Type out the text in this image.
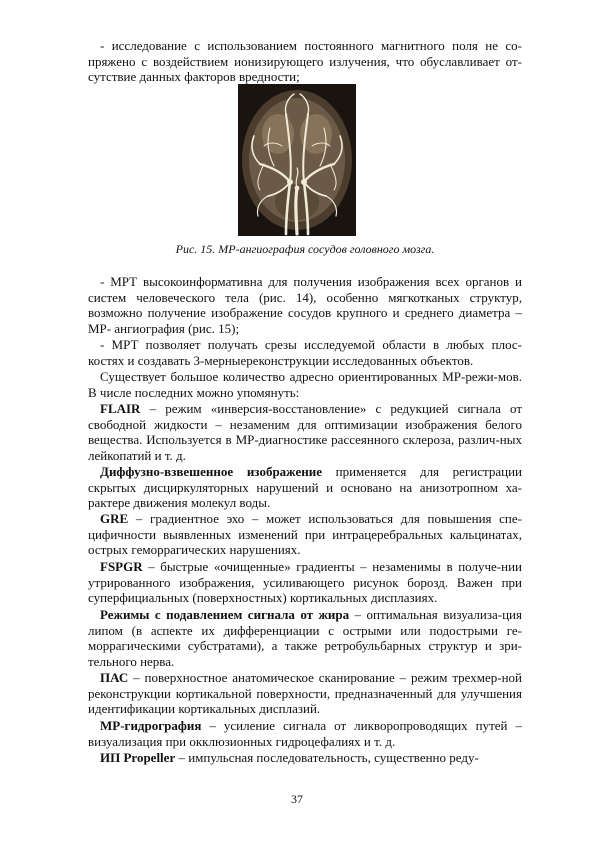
- исследование с использованием постоянного магнитного поля не со-пряжено с воздействием ионизирующего излучения, что обуславливает от-сутствие данных факторов вредности;

Рис. 15. МР-ангиография сосудов головного мозга.

- МРТ высокоинформативна для получения изображения всех органов и систем человеческого тела (рис. 14), особенно мягкотканых структур, возможно получение изображение сосудов крупного и среднего диаметра – МР- ангиография (рис. 15);

- МРТ позволяет получать срезы исследуемой области в любых плос-костях и создавать 3-мерныереконструкции исследованных объектов.

Существует большое количество адресно ориентированных МР-режи-мов. В числе последних можно упомянуть:

FLAIR – режим «инверсия-восстановление» с редукцией сигнала от свободной жидкости – незаменим для оптимизации изображения белого вещества. Используется в МР-диагностике рассеянного склероза, различ-ных лейкопатий и т. д.

Диффузно-взвешенное изображение применяется для регистрации скрытых дисциркуляторных нарушений и основано на анизотропном ха-рактере движения молекул воды.

GRE – градиентное эхо – может использоваться для повышения спе-цифичности выявленных изменений при интрацеребральных кальцинатах, острых геморрагических нарушениях.

FSPGR – быстрые «очищенные» градиенты – незаменимы в получе-нии утрированного изображения, усиливающего рисунок борозд. Важен при суперфициальных (поверхностных) кортикальных дисплазиях.

Режимы с подавлением сигнала от жира – оптимальная визуализа-ция липом (в аспекте их дифференциации с острыми или подострыми ге-моррагическими субстратами), а также ретробульбарных структур и зри-тельного нерва.

ПАС – поверхностное анатомическое сканирование – режим трехмер-ной реконструкции кортикальной поверхности, предназначенный для улучшения идентификации кортикальных дисплазий.

МР-гидрография – усиление сигнала от ликворопроводящих путей – визуализация при окклюзионных гидроцефалиях и т. д.

ИП Propeller – импульсная последовательность, существенно реду-

37
